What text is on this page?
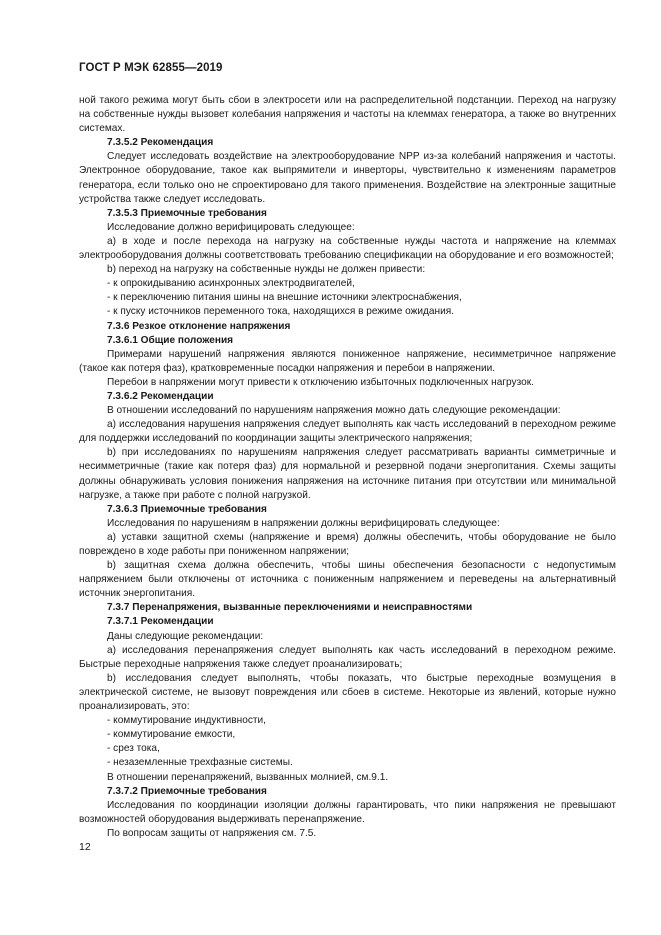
ГОСТ Р МЭК 62855—2019

ной такого режима могут быть сбои в электросети или на распределительной подстанции. Переход на нагрузку на собственные нужды вызовет колебания напряжения и частоты на клеммах генератора, а также во внутренних системах.

7.3.5.2 Рекомендация

Следует исследовать воздействие на электрооборудование NPP из-за колебаний напряжения и частоты. Электронное оборудование, такое как выпрямители и инверторы, чувствительно к изменениям параметров генератора, если только оно не спроектировано для такого применения. Воздействие на электронные защитные устройства также следует исследовать.

7.3.5.3 Приемочные требования

Исследование должно верифицировать следующее:

a) в ходе и после перехода на нагрузку на собственные нужды частота и напряжение на клеммах электрооборудования должны соответствовать требованию спецификации на оборудование и его возможностей;

b) переход на нагрузку на собственные нужды не должен привести:

- к опрокидыванию асинхронных электродвигателей,

- к переключению питания шины на внешние источники электроснабжения,

- к пуску источников переменного тока, находящихся в режиме ожидания.

7.3.6 Резкое отклонение напряжения

7.3.6.1 Общие положения

Примерами нарушений напряжения являются пониженное напряжение, несимметричное напряжение (такое как потеря фаз), кратковременные посадки напряжения и перебои в напряжении.

Перебои в напряжении могут привести к отключению избыточных подключенных нагрузок.

7.3.6.2 Рекомендации

В отношении исследований по нарушениям напряжения можно дать следующие рекомендации:

a) исследования нарушения напряжения следует выполнять как часть исследований в переходном режиме для поддержки исследований по координации защиты электрического напряжения;

b) при исследованиях по нарушениям напряжения следует рассматривать варианты симметричные и несимметричные (такие как потеря фаз) для нормальной и резервной подачи энергопитания. Схемы защиты должны обнаруживать условия понижения напряжения на источнике питания при отсутствии или минимальной нагрузке, а также при работе с полной нагрузкой.

7.3.6.3 Приемочные требования

Исследования по нарушениям в напряжении должны верифицировать следующее:

a) уставки защитной схемы (напряжение и время) должны обеспечить, чтобы оборудование не было повреждено в ходе работы при пониженном напряжении;

b) защитная схема должна обеспечить, чтобы шины обеспечения безопасности с недопустимым напряжением были отключены от источника с пониженным напряжением и переведены на альтернативный источник энергопитания.

7.3.7 Перенапряжения, вызванные переключениями и неисправностями

7.3.7.1 Рекомендации

Даны следующие рекомендации:

a) исследования перенапряжения следует выполнять как часть исследований в переходном режиме. Быстрые переходные напряжения также следует проанализировать;

b) исследования следует выполнять, чтобы показать, что быстрые переходные возмущения в электрической системе, не вызовут повреждения или сбоев в системе. Некоторые из явлений, которые нужно проанализировать, это:

- коммутирование индуктивности,

- коммутирование емкости,

- срез тока,

- незаземленные трехфазные системы.

В отношении перенапряжений, вызванных молнией, см.9.1.

7.3.7.2 Приемочные требования

Исследования по координации изоляции должны гарантировать, что пики напряжения не превышают возможностей оборудования выдерживать перенапряжение.

По вопросам защиты от напряжения см. 7.5.

12
